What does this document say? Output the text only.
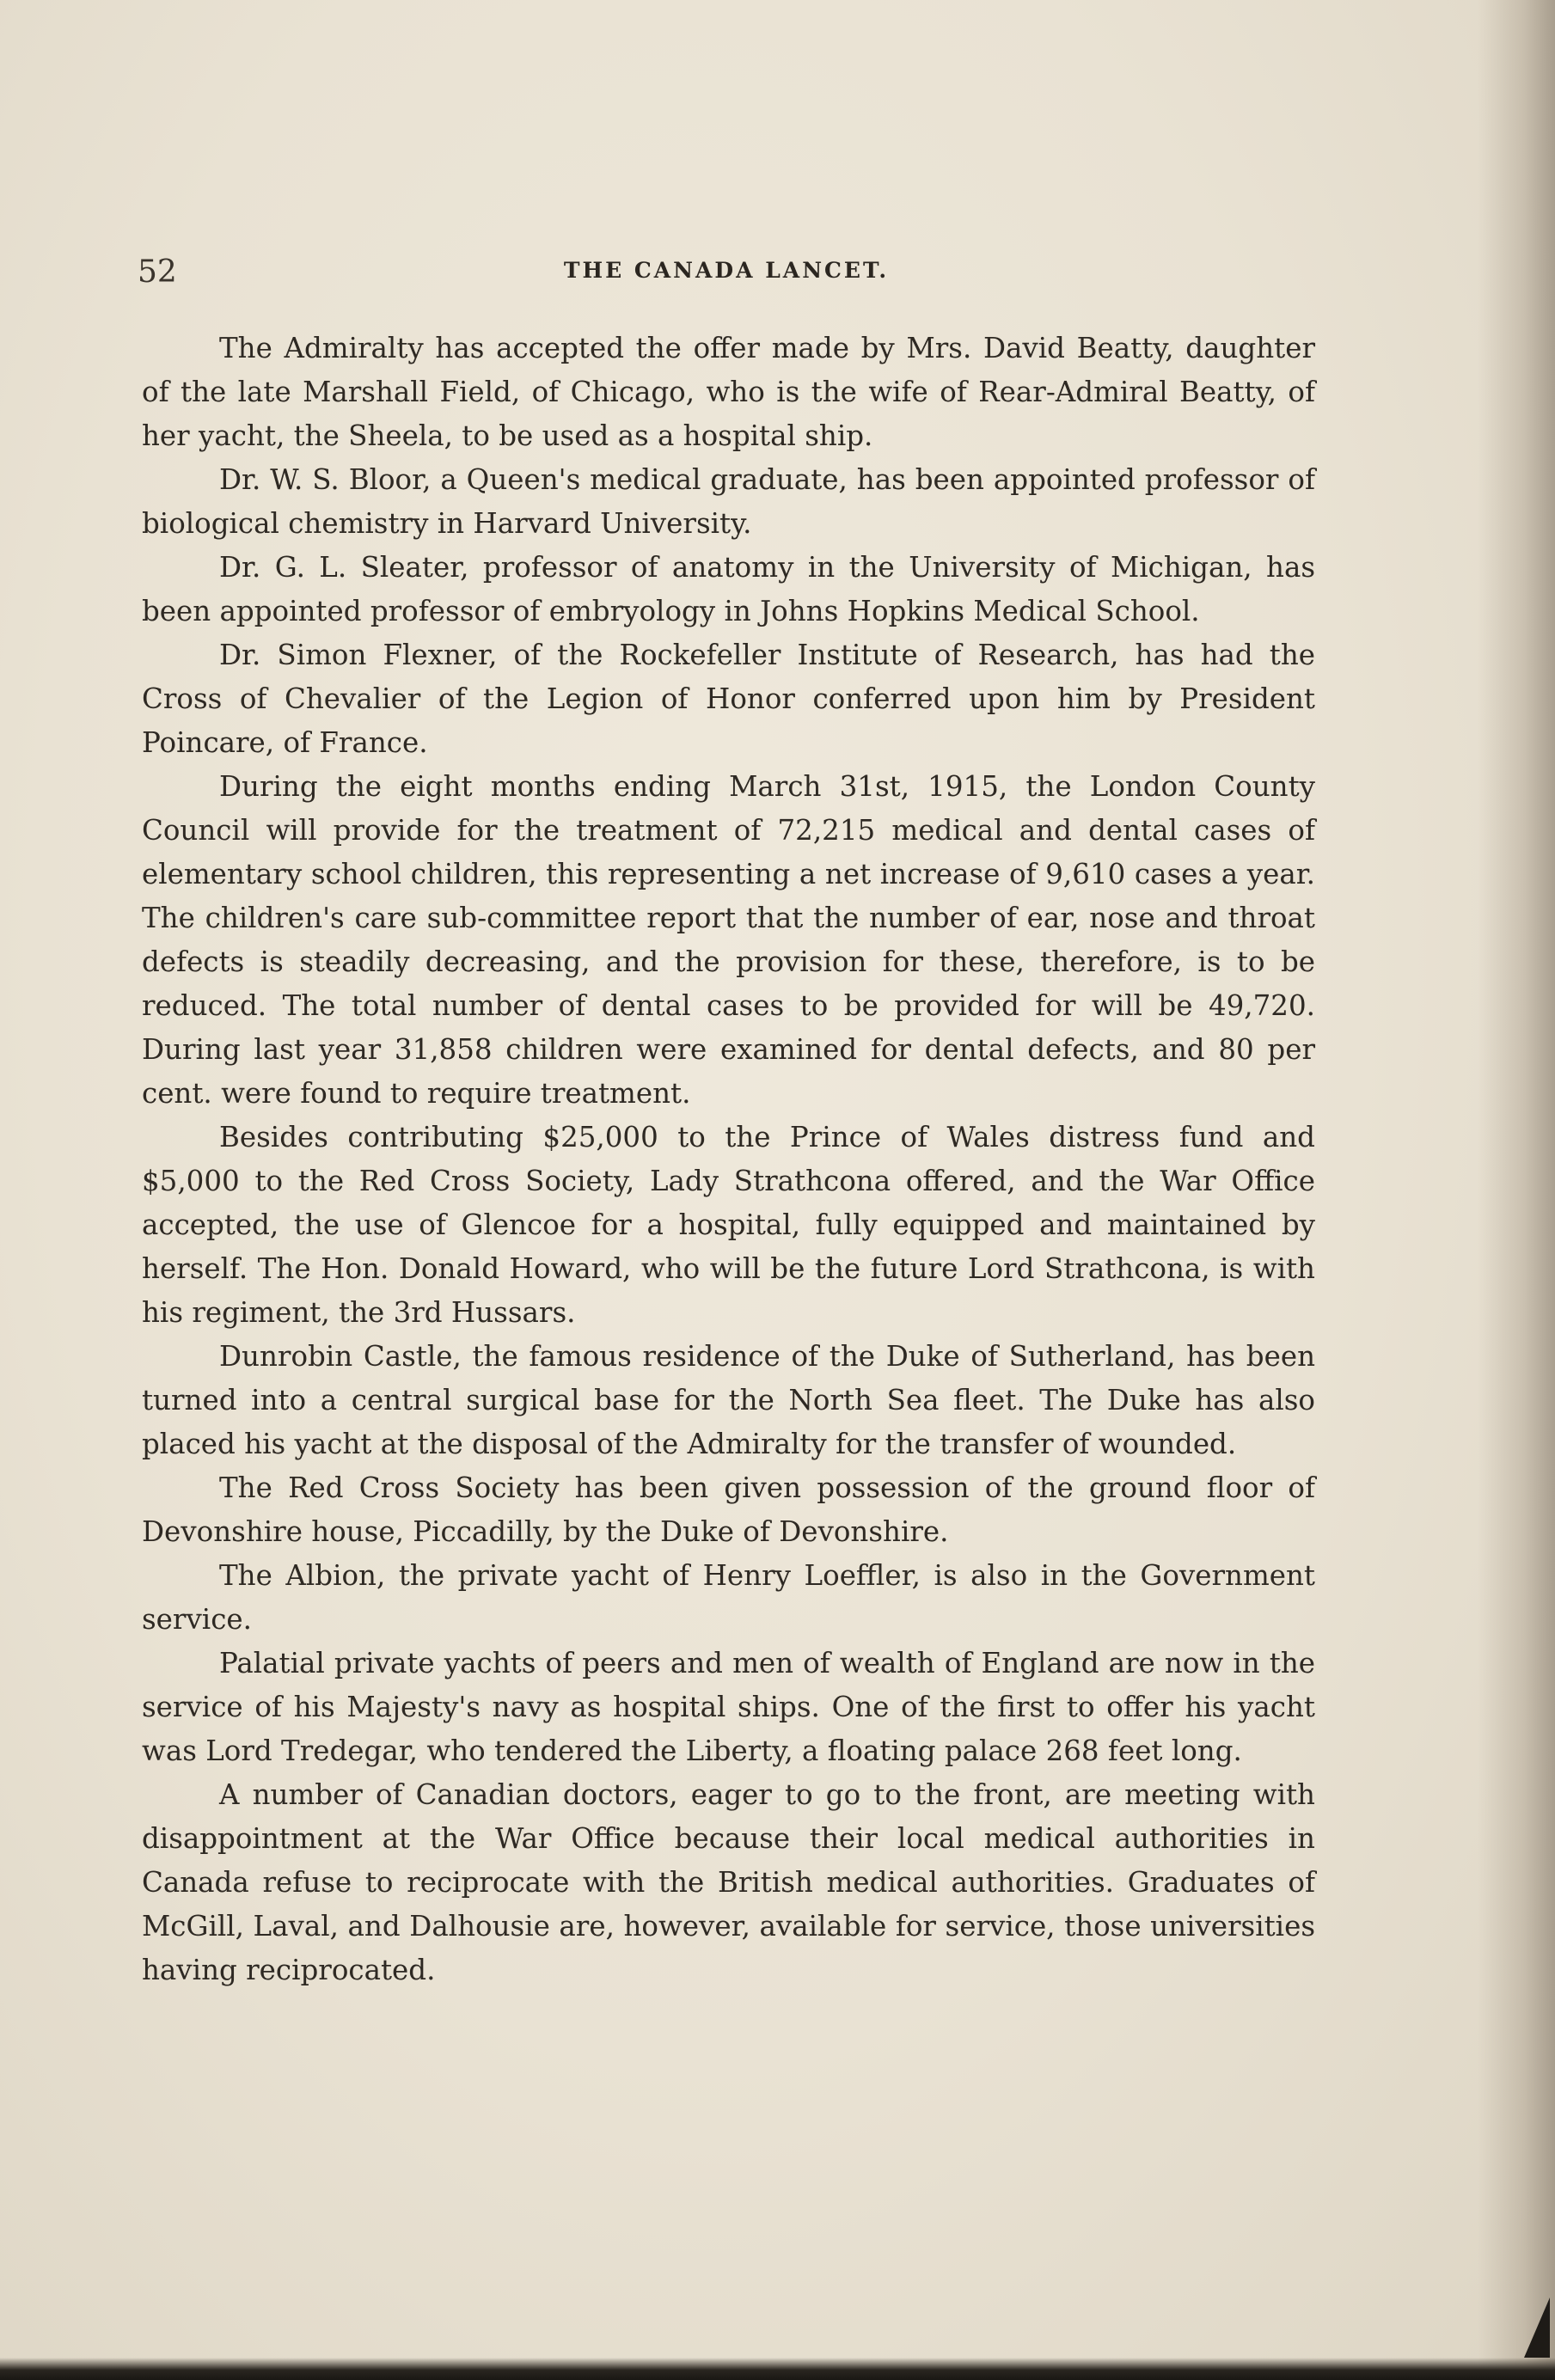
52	THE CANADA LANCET.

The Admiralty has accepted the offer made by Mrs. David Beatty, daughter of the late Marshall Field, of Chicago, who is the wife of Rear-Admiral Beatty, of her yacht, the Sheela, to be used as a hospital ship.

Dr. W. S. Bloor, a Queen's medical graduate, has been appointed professor of biological chemistry in Harvard University.

Dr. G. L. Sleater, professor of anatomy in the University of Michigan, has been appointed professor of embryology in Johns Hopkins Medical School.

Dr. Simon Flexner, of the Rockefeller Institute of Research, has had the Cross of Chevalier of the Legion of Honor conferred upon him by President Poincare, of France.

During the eight months ending March 31st, 1915, the London County Council will provide for the treatment of 72,215 medical and dental cases of elementary school children, this representing a net increase of 9,610 cases a year. The children's care sub-committee report that the number of ear, nose and throat defects is steadily decreasing, and the provision for these, therefore, is to be reduced. The total number of dental cases to be provided for will be 49,720. During last year 31,858 children were examined for dental defects, and 80 per cent. were found to require treatment.

Besides contributing $25,000 to the Prince of Wales distress fund and $5,000 to the Red Cross Society, Lady Strathcona offered, and the War Office accepted, the use of Glencoe for a hospital, fully equipped and maintained by herself. The Hon. Donald Howard, who will be the future Lord Strathcona, is with his regiment, the 3rd Hussars.

Dunrobin Castle, the famous residence of the Duke of Sutherland, has been turned into a central surgical base for the North Sea fleet. The Duke has also placed his yacht at the disposal of the Admiralty for the transfer of wounded.

The Red Cross Society has been given possession of the ground floor of Devonshire house, Piccadilly, by the Duke of Devonshire.

The Albion, the private yacht of Henry Loeffler, is also in the Government service.

Palatial private yachts of peers and men of wealth of England are now in the service of his Majesty's navy as hospital ships. One of the first to offer his yacht was Lord Tredegar, who tendered the Liberty, a floating palace 268 feet long.

A number of Canadian doctors, eager to go to the front, are meeting with disappointment at the War Office because their local medical authorities in Canada refuse to reciprocate with the British medical authorities. Graduates of McGill, Laval, and Dalhousie are, however, available for service, those universities having reciprocated.
